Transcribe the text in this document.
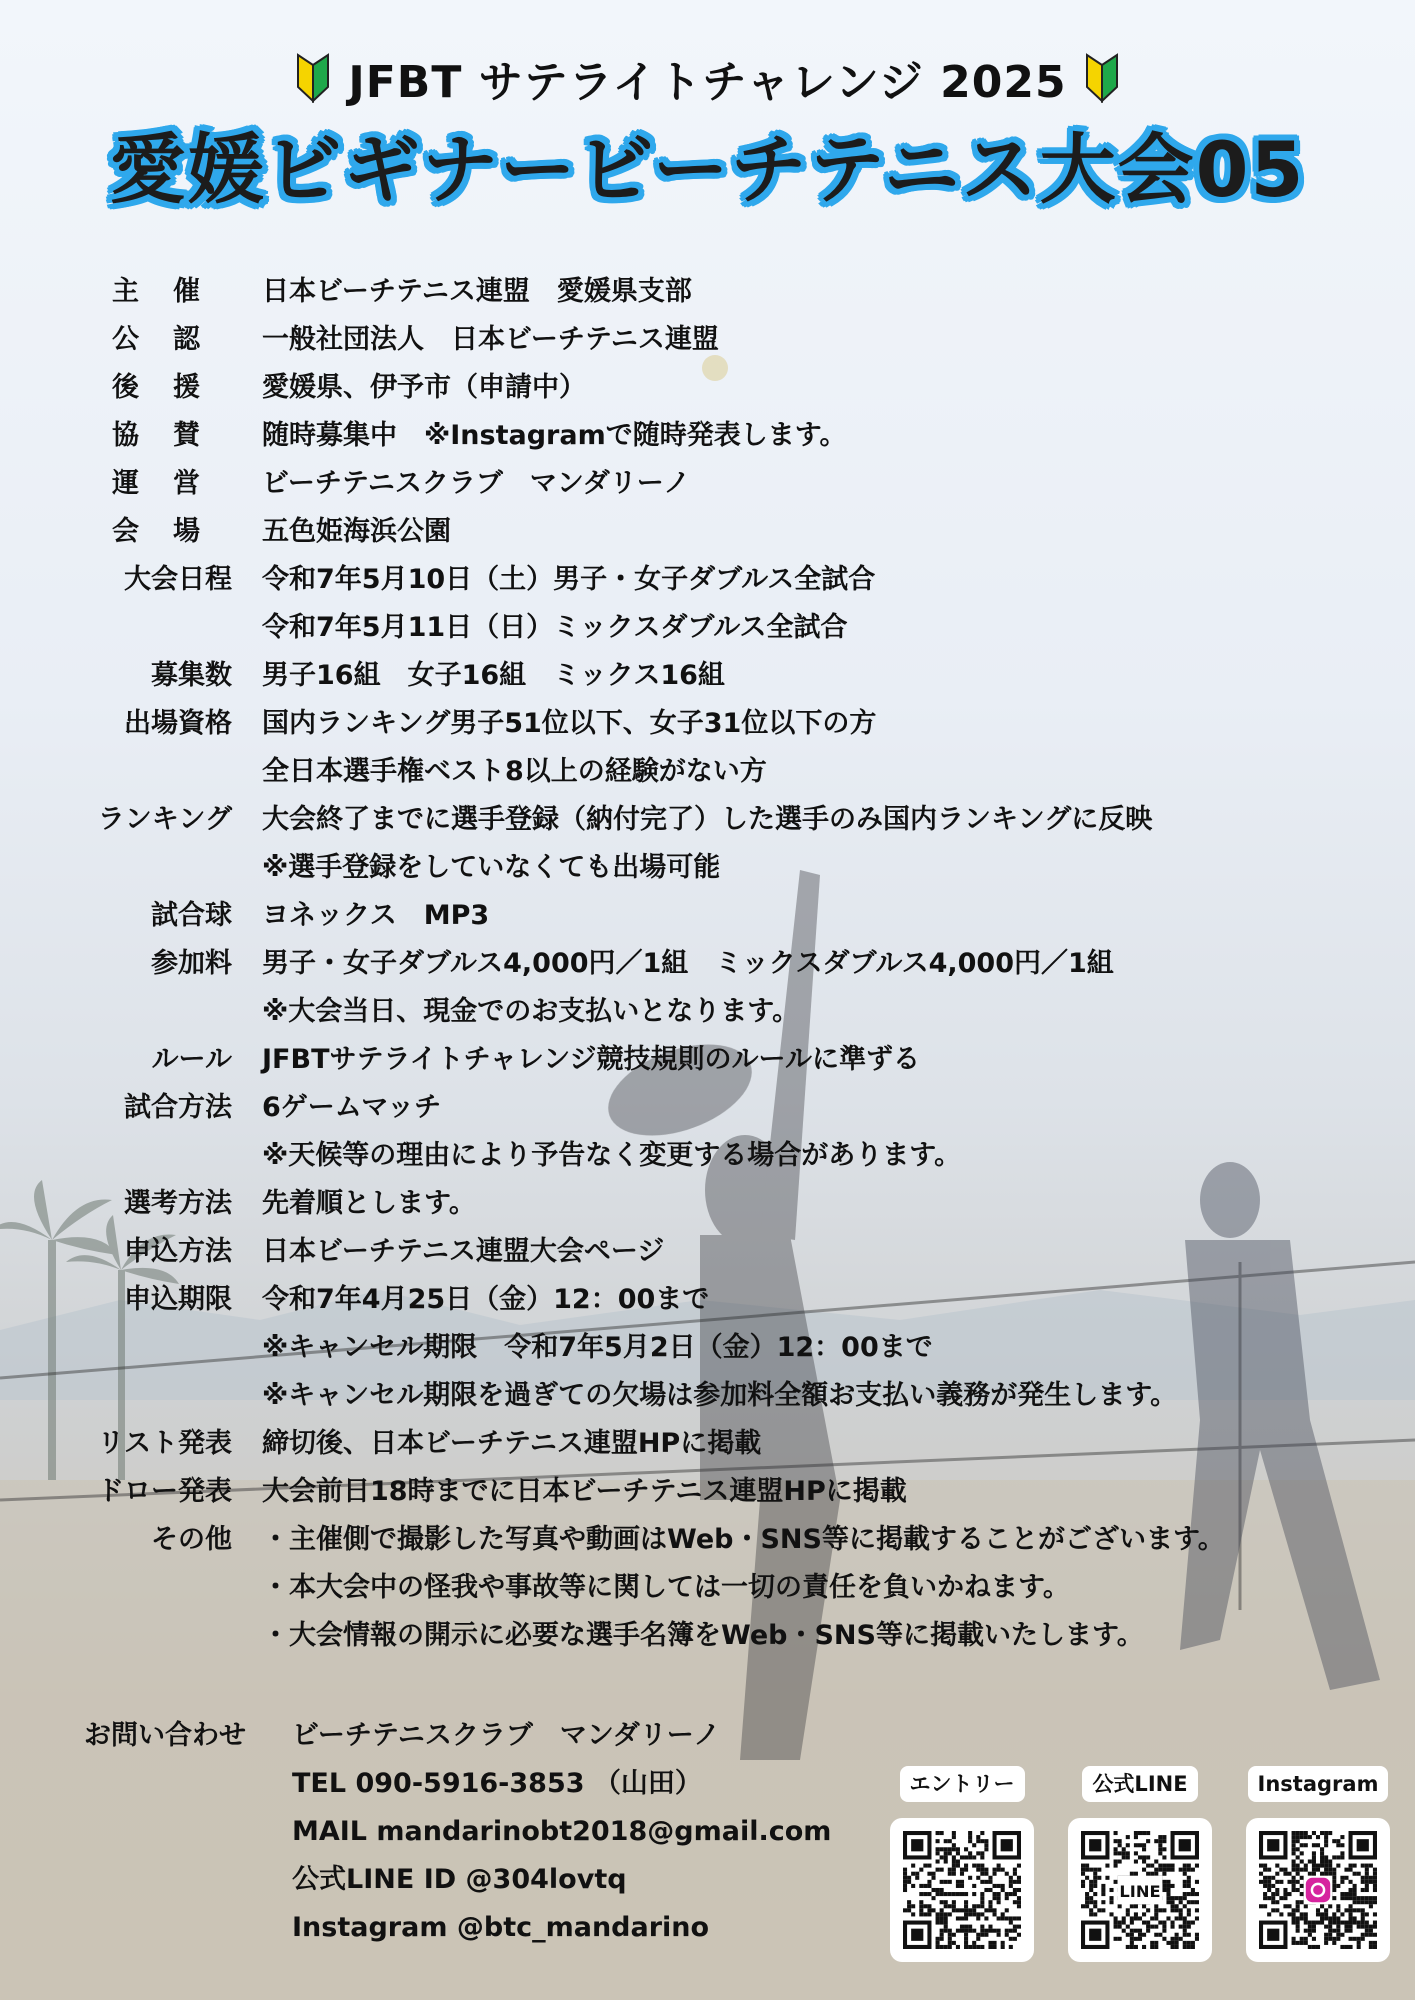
JFBT サテライトチャレンジ 2025
愛媛ビギナービーチテニス大会05
主催 日本ビーチテニス連盟　愛媛県支部
公認 一般社団法人　日本ビーチテニス連盟
後援 愛媛県、伊予市（申請中）
協賛 随時募集中　※Instagramで随時発表します。
運営 ビーチテニスクラブ　マンダリーノ
会場 五色姫海浜公園
大会日程 令和7年5月10日（土）男子・女子ダブルス全試合
令和7年5月11日（日）ミックスダブルス全試合
募集数 男子16組　女子16組　ミックス16組
出場資格 国内ランキング男子51位以下、女子31位以下の方
全日本選手権ベスト8以上の経験がない方
ランキング 大会終了までに選手登録（納付完了）した選手のみ国内ランキングに反映
※選手登録をしていなくても出場可能
試合球 ヨネックス　MP3
参加料 男子・女子ダブルス4,000円／1組　ミックスダブルス4,000円／1組
※大会当日、現金でのお支払いとなります。
ルール JFBTサテライトチャレンジ競技規則のルールに準ずる
試合方法 6ゲームマッチ
※天候等の理由により予告なく変更する場合があります。
選考方法 先着順とします。
申込方法 日本ビーチテニス連盟大会ページ
申込期限 令和7年4月25日（金）12：00まで
※キャンセル期限　令和7年5月2日（金）12：00まで
※キャンセル期限を過ぎての欠場は参加料全額お支払い義務が発生します。
リスト発表 締切後、日本ビーチテニス連盟HPに掲載
ドロー発表 大会前日18時までに日本ビーチテニス連盟HPに掲載
その他 ・主催側で撮影した写真や動画はWeb・SNS等に掲載することがございます。
・本大会中の怪我や事故等に関しては一切の責任を負いかねます。
・大会情報の開示に必要な選手名簿をWeb・SNS等に掲載いたします。
お問い合わせ	ビーチテニスクラブ　マンダリーノ
TEL 090-5916-3853 （山田）
MAIL mandarinobt2018@gmail.com
公式LINE ID @304lovtq
Instagram @btc_mandarino
エントリー	公式LINE
LINE
Instagram
